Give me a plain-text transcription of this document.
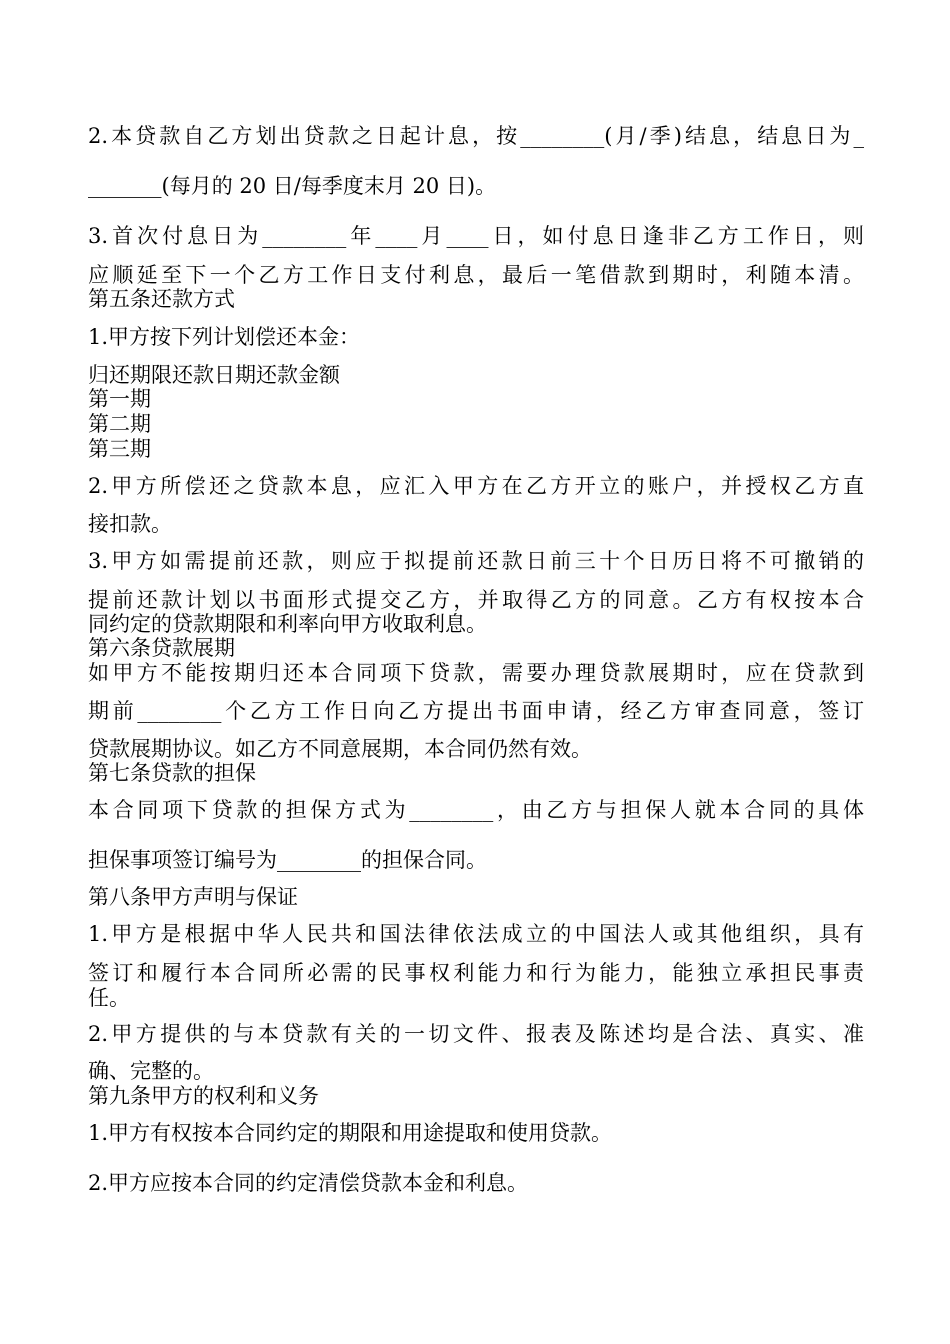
2.本贷款自乙方划出贷款之日起计息，按________(月/季)结息，结息日为_
_______(每月的 20 日/每季度末月 20 日)。
3.首次付息日为________年____月____日，如付息日逢非乙方工作日，则
应顺延至下一个乙方工作日支付利息，最后一笔借款到期时，利随本清。
第五条还款方式
1.甲方按下列计划偿还本金：
归还期限还款日期还款金额
第一期
第二期
第三期
2.甲方所偿还之贷款本息，应汇入甲方在乙方开立的账户，并授权乙方直
接扣款。
3.甲方如需提前还款，则应于拟提前还款日前三十个日历日将不可撤销的
提前还款计划以书面形式提交乙方，并取得乙方的同意。乙方有权按本合
同约定的贷款期限和利率向甲方收取利息。
第六条贷款展期
如甲方不能按期归还本合同项下贷款，需要办理贷款展期时，应在贷款到
期前________个乙方工作日向乙方提出书面申请，经乙方审查同意，签订
贷款展期协议。如乙方不同意展期，本合同仍然有效。
第七条贷款的担保
本合同项下贷款的担保方式为________，由乙方与担保人就本合同的具体
担保事项签订编号为________的担保合同。
第八条甲方声明与保证
1.甲方是根据中华人民共和国法律依法成立的中国法人或其他组织，具有
签订和履行本合同所必需的民事权利能力和行为能力，能独立承担民事责
任。
2.甲方提供的与本贷款有关的一切文件、报表及陈述均是合法、真实、准
确、完整的。
第九条甲方的权利和义务
1.甲方有权按本合同约定的期限和用途提取和使用贷款。
2.甲方应按本合同的约定清偿贷款本金和利息。
